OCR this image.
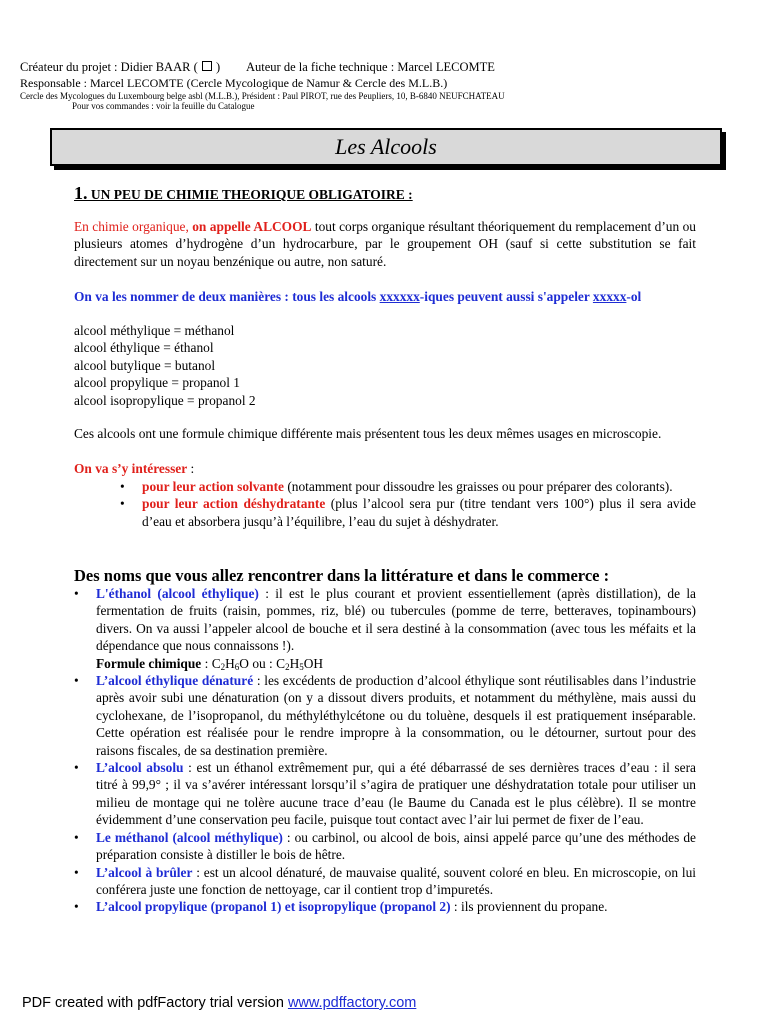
Créateur du projet : Didier BAAR ( ) Auteur de la fiche technique : Marcel LECOMTE
Responsable : Marcel LECOMTE (Cercle Mycologique de Namur & Cercle des M.L.B.)
Cercle des Mycologues du Luxembourg belge asbl (M.L.B.), Président : Paul PIROT, rue des Peupliers, 10, B-6840 NEUFCHATEAU
Pour vos commandes : voir la feuille du Catalogue
Les Alcools
1. UN PEU DE CHIMIE THEORIQUE OBLIGATOIRE :
En chimie organique, on appelle ALCOOL tout corps organique résultant théoriquement du remplacement d’un ou plusieurs atomes d’hydrogène d’un hydrocarbure, par le groupement OH (sauf si cette substitution se fait directement sur un noyau benzénique ou autre, non saturé.
On va les nommer de deux manières : tous les alcools xxxxxx-iques peuvent aussi s'appeler xxxxx-ol
alcool méthylique = méthanol
alcool éthylique = éthanol
alcool butylique = butanol
alcool propylique = propanol 1
alcool isopropylique = propanol 2
Ces alcools ont une formule chimique différente mais présentent tous les deux mêmes usages en microscopie.
On va s’y intéresser :
• pour leur action solvante (notamment pour dissoudre les graisses ou pour préparer des colorants).
• pour leur action déshydratante (plus l’alcool sera pur (titre tendant vers 100°) plus il sera avide d’eau et absorbera jusqu’à l’équilibre, l’eau du sujet à déshydrater.
Des noms que vous allez rencontrer dans la littérature et dans le commerce :
• L'éthanol (alcool éthylique) : il est le plus courant et provient essentiellement (après distillation), de la fermentation de fruits (raisin, pommes, riz, blé) ou tubercules (pomme de terre, betteraves, topinambours) divers. On va aussi l’appeler alcool de bouche et il sera destiné à la consommation (avec tous les méfaits et la dépendance que nous connaissons !).
Formule chimique : $C_2H_6O$ ou : $C_2H_5OH$
• L’alcool éthylique dénaturé : les excédents de production d’alcool éthylique sont réutilisables dans l’industrie après avoir subi une dénaturation (on y a dissout divers produits, et notamment du méthylène, mais aussi du cyclohexane, de l’isopropanol, du méthyléthylcétone ou du toluène, desquels il est pratiquement inséparable. Cette opération est réalisée pour le rendre impropre à la consommation, ou le détourner, surtout pour des raisons fiscales, de sa destination première.
• L’alcool absolu : est un éthanol extrêmement pur, qui a été débarrassé de ses dernières traces d’eau : il sera titré à 99,9° ; il va s’avérer intéressant lorsqu’il s’agira de pratiquer une déshydratation totale pour utiliser un milieu de montage qui ne tolère aucune trace d’eau (le Baume du Canada est le plus célèbre). Il se montre évidemment d’une conservation peu facile, puisque tout contact avec l’air lui permet de fixer de l’eau.
• Le méthanol (alcool méthylique) : ou carbinol, ou alcool de bois, ainsi appelé parce qu’une des méthodes de préparation consiste à distiller le bois de hêtre.
• L’alcool à brûler : est un alcool dénaturé, de mauvaise qualité, souvent coloré en bleu. En microscopie, on lui conférera juste une fonction de nettoyage, car il contient trop d’impuretés.
• L’alcool propylique (propanol 1) et isopropylique (propanol 2) : ils proviennent du propane.
PDF created with pdfFactory trial version www.pdffactory.com
